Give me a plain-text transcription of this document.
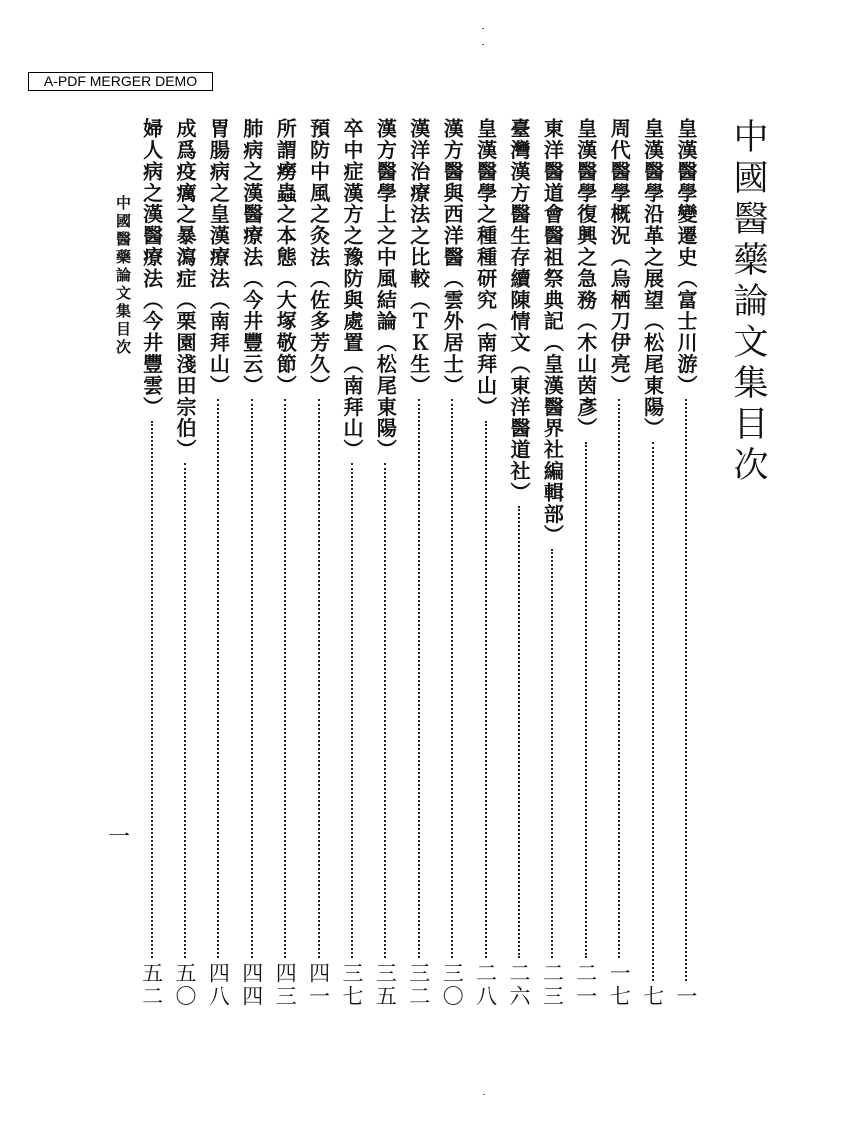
A-PDF MERGER DEMO
中國醫藥論文集目次
皇漢醫學變遷史（富士川游）
一
皇漢醫學沿革之展望（松尾東陽）
七
周代醫學概況（烏栖刀伊亮）
一七
皇漢醫學復興之急務（木山茵彥）
二一
東洋醫道會醫祖祭典記（皇漢醫界社編輯部）
二三
臺灣漢方醫生存續陳情文（東洋醫道社）
二六
皇漢醫學之種種研究（南拜山）
二八
漢方醫與西洋醫（雲外居士）
三〇
漢洋治療法之比較（ＴＫ生）
三二
漢方醫學上之中風結論（松尾東陽）
三五
卒中症漢方之豫防與處置（南拜山）
三七
預防中風之灸法（佐多芳久）
四一
所謂癆蟲之本態（大塚敬節）
四三
肺病之漢醫療法（今井豐云）
四四
胃腸病之皇漢療法（南拜山）
四八
成爲疫癘之暴瀉症（栗園淺田宗伯）
五〇
婦人病之漢醫療法（今井豐雲）
五二
中國醫藥論文集目次
一
